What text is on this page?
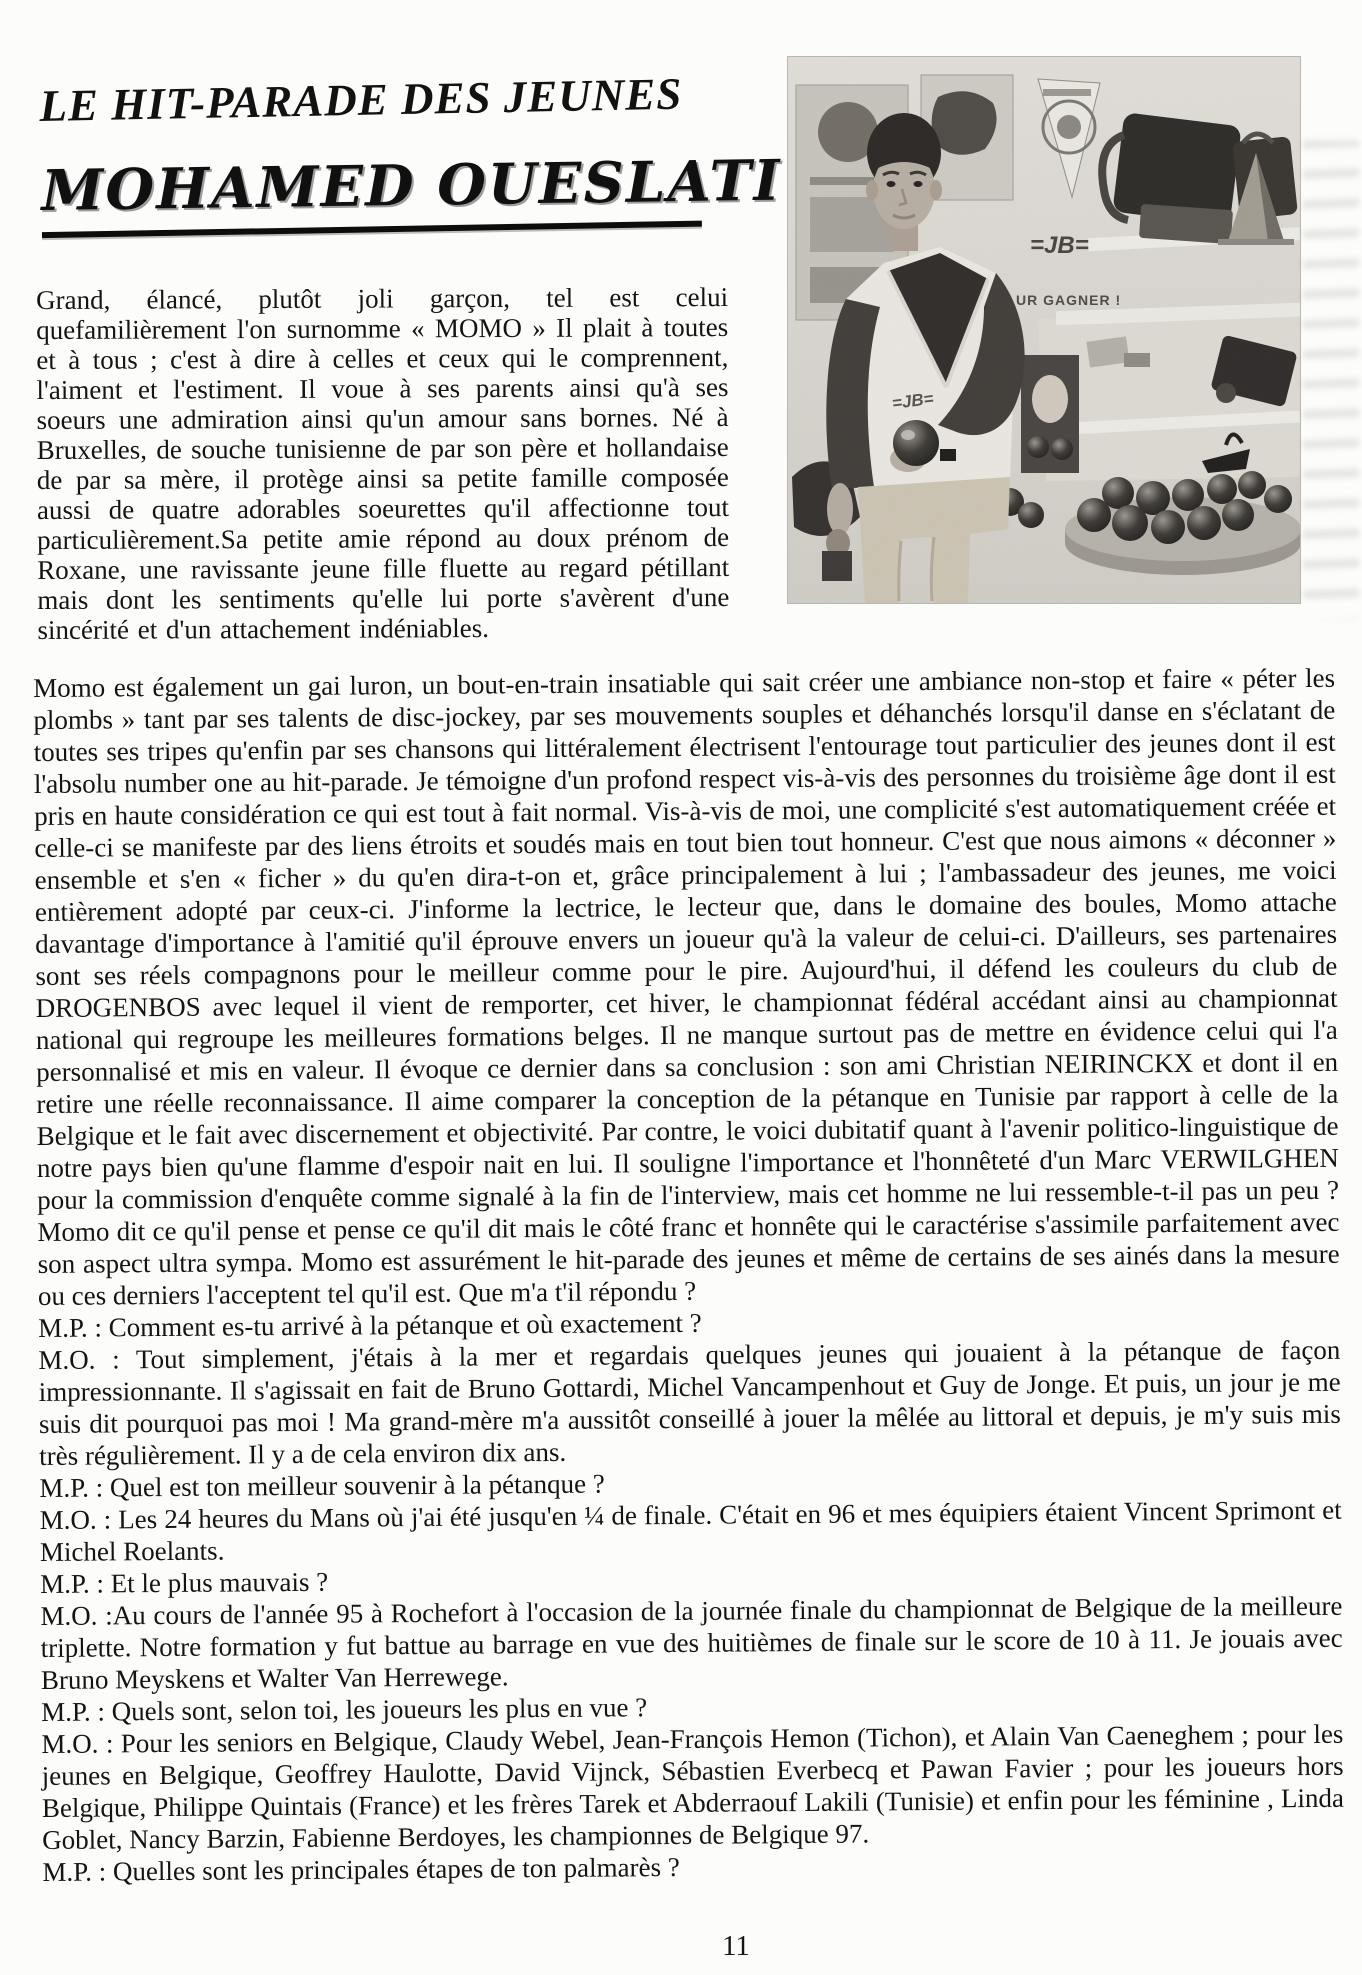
LE HIT-PARADE DES JEUNES
MOHAMED OUESLATI

Grand, élancé, plutôt joli garçon, tel est celui quefamilièrement l'on surnomme « MOMO » Il plait à toutes et à tous ; c'est à dire à celles et ceux qui le comprennent, l'aiment et l'estiment. Il voue à ses parents ainsi qu'à ses soeurs une admiration ainsi qu'un amour sans bornes. Né à Bruxelles, de souche tunisienne de par son père et hollandaise de par sa mère, il protège ainsi sa petite famille composée aussi de quatre adorables soeurettes qu'il affectionne tout particulièrement.Sa petite amie répond au doux prénom de Roxane, une ravissante jeune fille fluette au regard pétillant mais dont les sentiments qu'elle lui porte s'avèrent d'une sincérité et d'un attachement indéniables.

=JB=
UR GAGNER !
=JB=

Momo est également un gai luron, un bout-en-train insatiable qui sait créer une ambiance non-stop et faire « péter les plombs » tant par ses talents de disc-jockey, par ses mouvements souples et déhanchés lorsqu'il danse en s'éclatant de toutes ses tripes qu'enfin par ses chansons qui littéralement électrisent l'entourage tout particulier des jeunes dont il est l'absolu number one au hit-parade. Je témoigne d'un profond respect vis-à-vis des personnes du troisième âge dont il est pris en haute considération ce qui est tout à fait normal. Vis-à-vis de moi, une complicité s'est automatiquement créée et celle-ci se manifeste par des liens étroits et soudés mais en tout bien tout honneur. C'est que nous aimons « déconner » ensemble et s'en « ficher » du qu'en dira-t-on et, grâce principalement à lui ; l'ambassadeur des jeunes, me voici entièrement adopté par ceux-ci. J'informe la lectrice, le lecteur que, dans le domaine des boules, Momo attache davantage d'importance à l'amitié qu'il éprouve envers un joueur qu'à la valeur de celui-ci. D'ailleurs, ses partenaires sont ses réels compagnons pour le meilleur comme pour le pire. Aujourd'hui, il défend les couleurs du club de DROGENBOS avec lequel il vient de remporter, cet hiver, le championnat fédéral accédant ainsi au championnat national qui regroupe les meilleures formations belges. Il ne manque surtout pas de mettre en évidence celui qui l'a personnalisé et mis en valeur. Il évoque ce dernier dans sa conclusion : son ami Christian NEIRINCKX et dont il en retire une réelle reconnaissance. Il aime comparer la conception de la pétanque en Tunisie par rapport à celle de la Belgique et le fait avec discernement et objectivité. Par contre, le voici dubitatif quant à l'avenir politico-linguistique de notre pays bien qu'une flamme d'espoir nait en lui. Il souligne l'importance et l'honnêteté d'un Marc VERWILGHEN pour la commission d'enquête comme signalé à la fin de l'interview, mais cet homme ne lui ressemble-t-il pas un peu ? Momo dit ce qu'il pense et pense ce qu'il dit mais le côté franc et honnête qui le caractérise s'assimile parfaitement avec son aspect ultra sympa. Momo est assurément le hit-parade des jeunes et même de certains de ses ainés dans la mesure ou ces derniers l'acceptent tel qu'il est. Que m'a t'il répondu ?

M.P. : Comment es-tu arrivé à la pétanque et où exactement ?

M.O. : Tout simplement, j'étais à la mer et regardais quelques jeunes qui jouaient à la pétanque de façon impressionnante. Il s'agissait en fait de Bruno Gottardi, Michel Vancampenhout et Guy de Jonge. Et puis, un jour je me suis dit pourquoi pas moi ! Ma grand-mère m'a aussitôt conseillé à jouer la mêlée au littoral et depuis, je m'y suis mis très régulièrement. Il y a de cela environ dix ans.

M.P. : Quel est ton meilleur souvenir à la pétanque ?

M.O. : Les 24 heures du Mans où j'ai été jusqu'en ¼ de finale. C'était en 96 et mes équipiers étaient Vincent Sprimont et Michel Roelants.

M.P. : Et le plus mauvais ?

M.O. :Au cours de l'année 95 à Rochefort à l'occasion de la journée finale du championnat de Belgique de la meilleure triplette. Notre formation y fut battue au barrage en vue des huitièmes de finale sur le score de 10 à 11. Je jouais avec Bruno Meyskens et Walter Van Herrewege.

M.P. : Quels sont, selon toi, les joueurs les plus en vue ?

M.O. : Pour les seniors en Belgique, Claudy Webel, Jean-François Hemon (Tichon), et Alain Van Caeneghem ; pour les jeunes en Belgique, Geoffrey Haulotte, David Vijnck, Sébastien Everbecq et Pawan Favier ; pour les joueurs hors Belgique, Philippe Quintais (France) et les frères Tarek et Abderraouf Lakili (Tunisie) et enfin pour les féminine , Linda Goblet, Nancy Barzin, Fabienne Berdoyes, les championnes de Belgique 97.

M.P. : Quelles sont les principales étapes de ton palmarès ?

11
